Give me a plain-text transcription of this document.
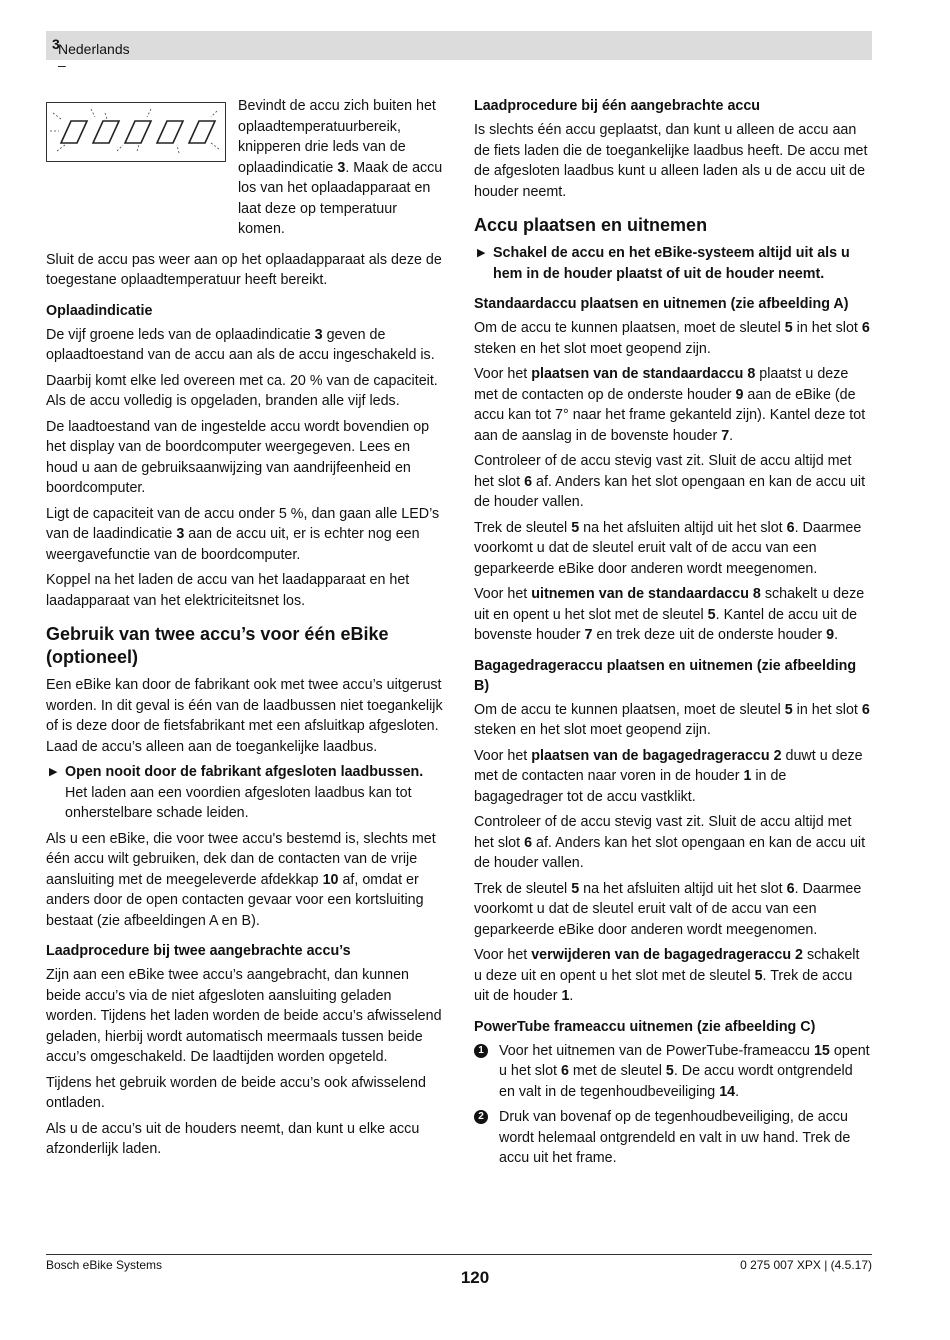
Nederlands –
3

Bevindt de accu zich buiten het oplaadtemperatuurbereik, knipperen drie leds van de oplaadindicatie 3. Maak de accu los van het oplaadapparaat en laat deze op temperatuur komen.

Sluit de accu pas weer aan op het oplaadapparaat als deze de toegestane oplaadtemperatuur heeft bereikt.

Oplaadindicatie

De vijf groene leds van de oplaadindicatie 3 geven de oplaadtoestand van de accu aan als de accu ingeschakeld is.

Daarbij komt elke led overeen met ca. 20 % van de capaciteit. Als de accu volledig is opgeladen, branden alle vijf leds.

De laadtoestand van de ingestelde accu wordt bovendien op het display van de boordcomputer weergegeven. Lees en houd u aan de gebruiksaanwijzing van aandrijfeenheid en boordcomputer.

Ligt de capaciteit van de accu onder 5 %, dan gaan alle LED’s van de laadindicatie 3 aan de accu uit, er is echter nog een weergavefunctie van de boordcomputer.

Koppel na het laden de accu van het laadapparaat en het laadapparaat van het elektriciteitsnet los.

Gebruik van twee accu’s voor één eBike (optioneel)

Een eBike kan door de fabrikant ook met twee accu’s uitgerust worden. In dit geval is één van de laadbussen niet toegankelijk of is deze door de fietsfabrikant met een afsluitkap afgesloten. Laad de accu’s alleen aan de toegankelijke laadbus.

▶ Open nooit door de fabrikant afgesloten laadbussen. Het laden aan een voordien afgesloten laadbus kan tot onherstelbare schade leiden.

Als u een eBike, die voor twee accu's bestemd is, slechts met één accu wilt gebruiken, dek dan de contacten van de vrije aansluiting met de meegeleverde afdekkap 10 af, omdat er anders door de open contacten gevaar voor een kortsluiting bestaat (zie afbeeldingen A en B).

Laadprocedure bij twee aangebrachte accu’s

Zijn aan een eBike twee accu’s aangebracht, dan kunnen beide accu’s via de niet afgesloten aansluiting geladen worden. Tijdens het laden worden de beide accu’s afwisselend geladen, hierbij wordt automatisch meermaals tussen beide accu’s omgeschakeld. De laadtijden worden opgeteld.

Tijdens het gebruik worden de beide accu’s ook afwisselend ontladen.

Als u de accu’s uit de houders neemt, dan kunt u elke accu afzonderlijk laden.

Laadprocedure bij één aangebrachte accu

Is slechts één accu geplaatst, dan kunt u alleen de accu aan de fiets laden die de toegankelijke laadbus heeft. De accu met de afgesloten laadbus kunt u alleen laden als u de accu uit de houder neemt.

Accu plaatsen en uitnemen
▶ Schakel de accu en het eBike-systeem altijd uit als u hem in de houder plaatst of uit de houder neemt.
Standaardaccu plaatsen en uitnemen (zie afbeelding A)

Om de accu te kunnen plaatsen, moet de sleutel 5 in het slot 6 steken en het slot moet geopend zijn.

Voor het plaatsen van de standaardaccu 8 plaatst u deze met de contacten op de onderste houder 9 aan de eBike (de accu kan tot 7° naar het frame gekanteld zijn). Kantel deze tot aan de aanslag in de bovenste houder 7.

Controleer of de accu stevig vast zit. Sluit de accu altijd met het slot 6 af. Anders kan het slot opengaan en kan de accu uit de houder vallen.

Trek de sleutel 5 na het afsluiten altijd uit het slot 6. Daarmee voorkomt u dat de sleutel eruit valt of de accu van een geparkeerde eBike door anderen wordt meegenomen.

Voor het uitnemen van de standaardaccu 8 schakelt u deze uit en opent u het slot met de sleutel 5. Kantel de accu uit de bovenste houder 7 en trek deze uit de onderste houder 9.

Bagagedrageraccu plaatsen en uitnemen (zie afbeelding B)

Om de accu te kunnen plaatsen, moet de sleutel 5 in het slot 6 steken en het slot moet geopend zijn.

Voor het plaatsen van de bagagedrageraccu 2 duwt u deze met de contacten naar voren in de houder 1 in de bagagedrager tot de accu vastklikt.

Controleer of de accu stevig vast zit. Sluit de accu altijd met het slot 6 af. Anders kan het slot opengaan en kan de accu uit de houder vallen.

Trek de sleutel 5 na het afsluiten altijd uit het slot 6. Daarmee voorkomt u dat de sleutel eruit valt of de accu van een geparkeerde eBike door anderen wordt meegenomen.

Voor het verwijderen van de bagagedrageraccu 2 schakelt u deze uit en opent u het slot met de sleutel 5. Trek de accu uit de houder 1.

PowerTube frameaccu uitnemen (zie afbeelding C)
1 Voor het uitnemen van de PowerTube-frameaccu 15 opent u het slot 6 met de sleutel 5. De accu wordt ontgrendeld en valt in de tegenhoudbeveiliging 14.
2 Druk van bovenaf op de tegenhoudbeveiliging, de accu wordt helemaal ontgrendeld en valt in uw hand. Trek de accu uit het frame.
Bosch eBike Systems
120
0 275 007 XPX | (4.5.17)
